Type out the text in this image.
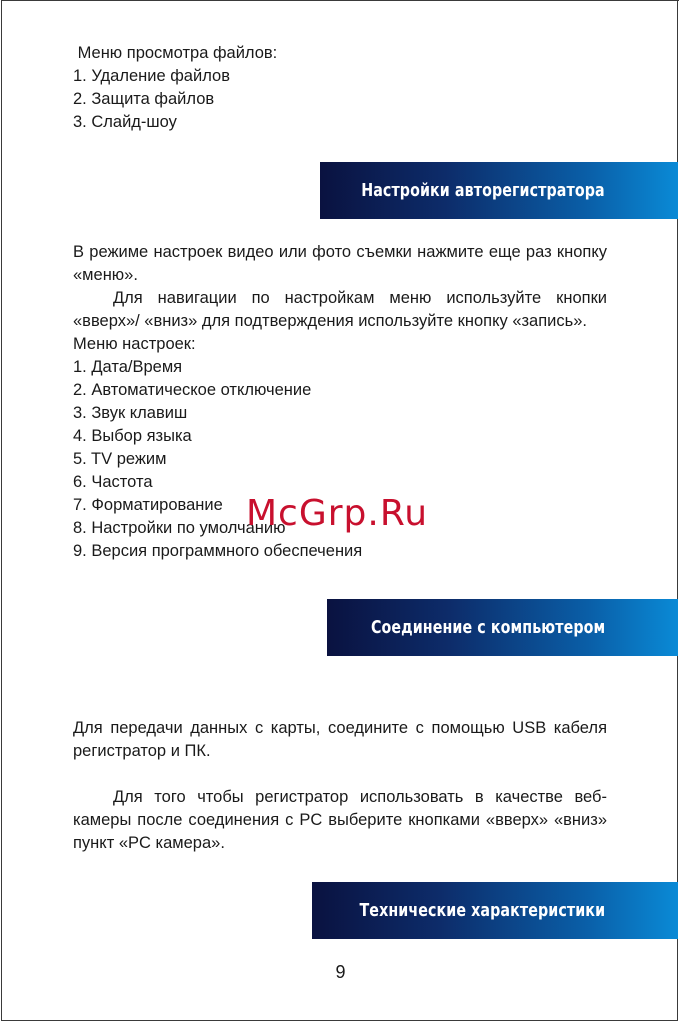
Меню просмотра файлов:

1. Удаление файлов

2. Защита файлов

3. Слайд-шоу

Настройки авторегистратора

В режиме настроек видео или фото съемки нажмите еще раз кнопку «меню».

Для навигации по настройкам меню используйте кнопки «вверх»/ «вниз» для подтверждения используйте кнопку «запись».

Меню настроек:

1. Дата/Время

2. Автоматическое отключение

3. Звук клавиш

4. Выбор языка

5. TV режим

6. Частота

7. Форматирование

8. Настройки по умолчанию

9. Версия программного обеспечения

McGrp.Ru
Соединение с компьютером

Для передачи данных с карты, соедините с помощью USB кабеля регистратор и ПК.

Для того чтобы регистратор использовать в качестве веб-камеры после соединения с PC выберите кнопками «вверх» «вниз» пункт «PC камера».

Технические характеристики
9
